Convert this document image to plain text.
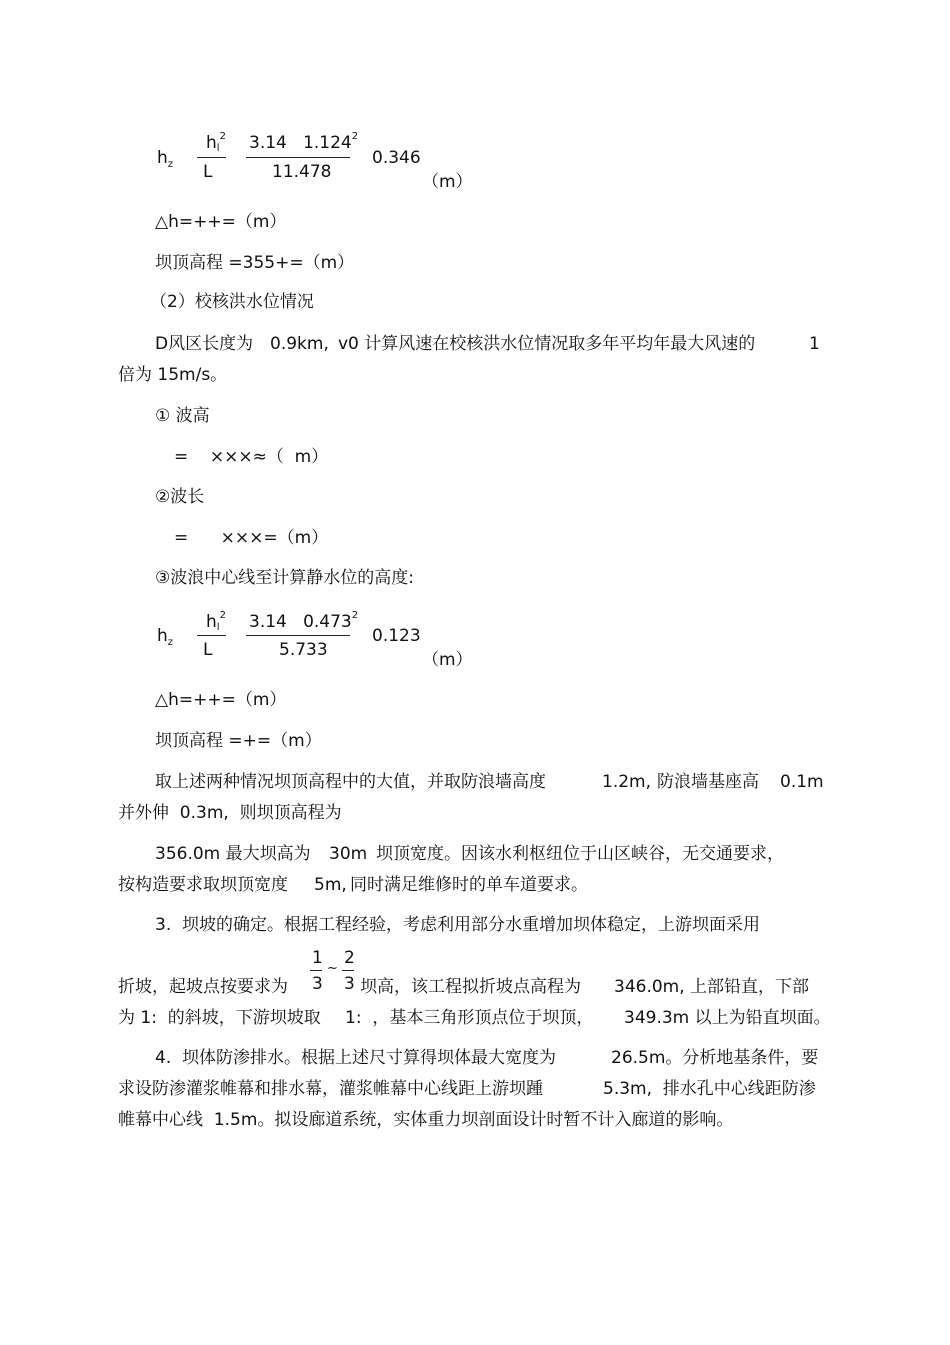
$h_z$
$hl^2$
L
3.14 1.124$^2$
11.478
0.346
（m）
△h=++=（m）
坝顶高程 =355+=（m）
（2）校核洪水位情况
D风区长度为 0.9km, v0 计算风速在校核洪水位情况取多年平均年最大风速的	1
倍为 15m/s。
① 波高
=    ×××≈（  m）
②波长
=      ×××=（m）
③波浪中心线至计算静水位的高度:
$h_z$
$hl^2$
L
3.14 0.473$^2$
5.733
0.123
（m）
△h=++=（m）
坝顶高程 =+=（m）
取上述两种情况坝顶高程中的大值，并取防浪墙高度	1.2m, 防浪墙基座高 0.1m
并外伸  0.3m,  则坝顶高程为
356.0m 最大坝高为 30m 坝顶宽度。因该水利枢纽位于山区峡谷，无交通要求，
按构造要求取坝顶宽度 5m, 同时满足维修时的单车道要求。
3.  坝坡的确定。根据工程经验，考虑利用部分水重增加坝体稳定，上游坝面采用
1
3
~
2
3
折坡，起坡点按要求为	坝高，该工程拟折坡点高程为 346.0m, 上部铅直，下部
为 1:  的斜坡，下游坝坡取 1:  ，基本三角形顶点位于坝顶， 349.3m 以上为铅直坝面。
4.  坝体防渗排水。根据上述尺寸算得坝体最大宽度为	26.5m。分析地基条件，要
求设防渗灌浆帷幕和排水幕，灌浆帷幕中心线距上游坝踵	5.3m,  排水孔中心线距防渗
帷幕中心线  1.5m。拟设廊道系统，实体重力坝剖面设计时暂不计入廊道的影响。
